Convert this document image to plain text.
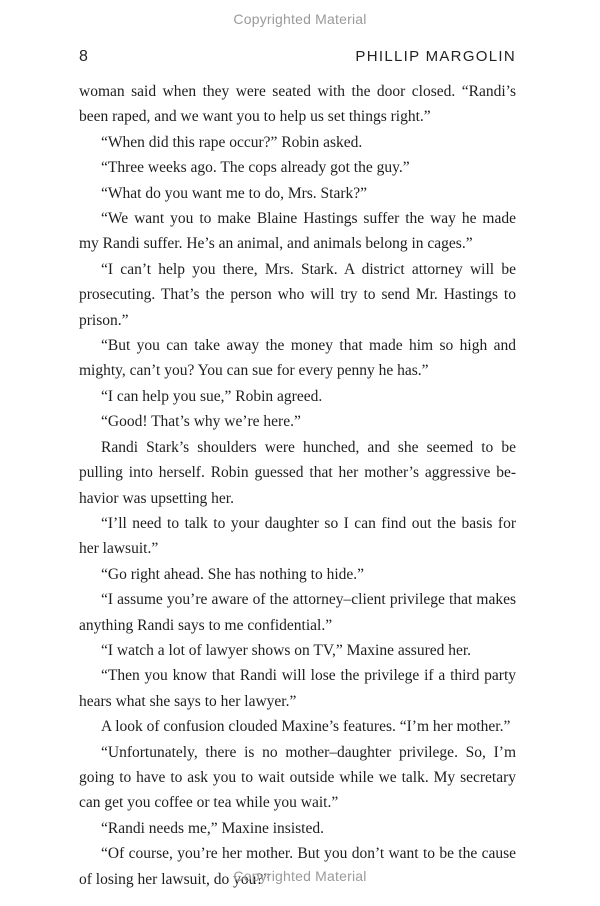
Copyrighted Material
8	PHILLIP MARGOLIN

woman said when they were seated with the door closed. “Randi’s been raped, and we want you to help us set things right.”

“When did this rape occur?” Robin asked.

“Three weeks ago. The cops already got the guy.”

“What do you want me to do, Mrs. Stark?”

“We want you to make Blaine Hastings suffer the way he made my Randi suffer. He’s an animal, and animals belong in cages.”

“I can’t help you there, Mrs. Stark. A district attorney will be prosecuting. That’s the person who will try to send Mr. Hastings to prison.”

“But you can take away the money that made him so high and mighty, can’t you? You can sue for every penny he has.”

“I can help you sue,” Robin agreed.

“Good! That’s why we’re here.”

Randi Stark’s shoulders were hunched, and she seemed to be pulling into herself. Robin guessed that her mother’s aggressive behavior was upsetting her.

“I’ll need to talk to your daughter so I can find out the basis for her lawsuit.”

“Go right ahead. She has nothing to hide.”

“I assume you’re aware of the attorney–client privilege that makes anything Randi says to me confidential.”

“I watch a lot of lawyer shows on TV,” Maxine assured her.

“Then you know that Randi will lose the privilege if a third party hears what she says to her lawyer.”

A look of confusion clouded Maxine’s features. “I’m her mother.”

“Unfortunately, there is no mother–daughter privilege. So, I’m going to have to ask you to wait outside while we talk. My secretary can get you coffee or tea while you wait.”

“Randi needs me,” Maxine insisted.

“Of course, you’re her mother. But you don’t want to be the cause of losing her lawsuit, do you?”

Copyrighted Material
